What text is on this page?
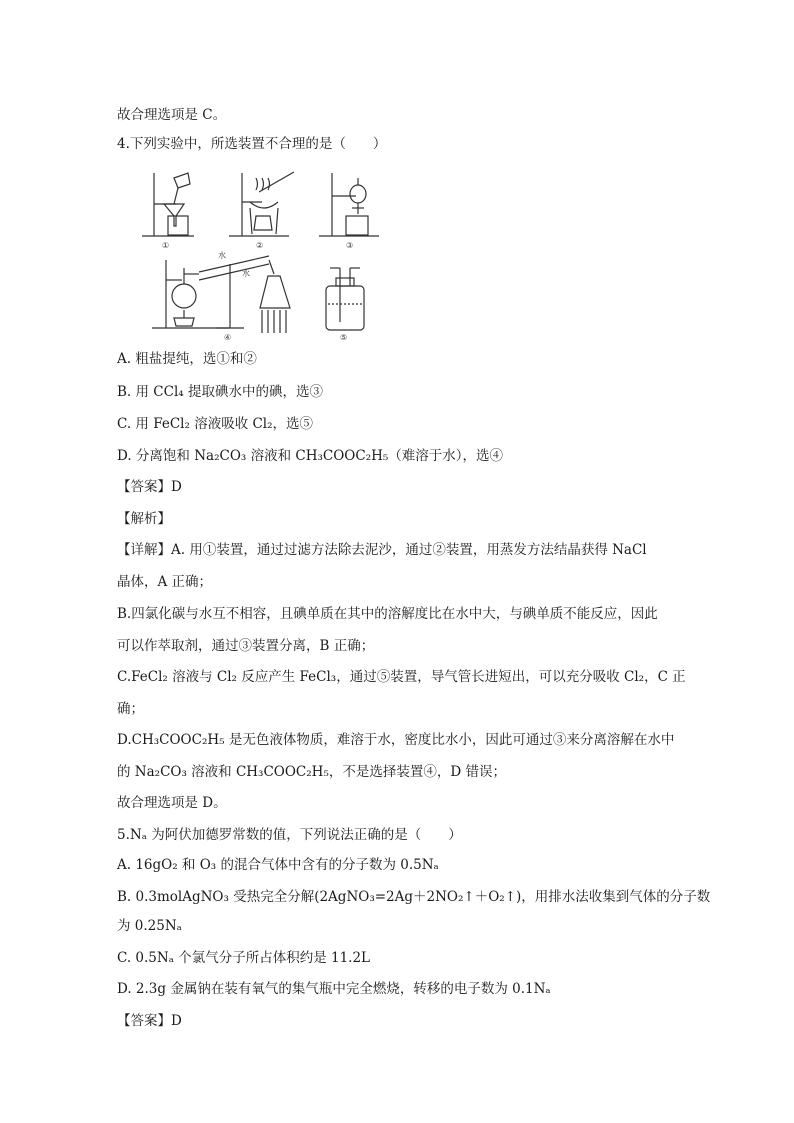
故合理选项是 C。
4.下列实验中，所选装置不合理的是（　　）
①	②	③
④	⑤
水
水
A. 粗盐提纯，选①和②
B. 用 CCl₄ 提取碘水中的碘，选③
C. 用 FeCl₂ 溶液吸收 Cl₂，选⑤
D. 分离饱和 Na₂CO₃ 溶液和 CH₃COOC₂H₅（难溶于水），选④
【答案】D
【解析】
【详解】A. 用①装置，通过过滤方法除去泥沙，通过②装置，用蒸发方法结晶获得 NaCl
晶体，A 正确；
B.四氯化碳与水互不相容，且碘单质在其中的溶解度比在水中大，与碘单质不能反应，因此
可以作萃取剂，通过③装置分离，B 正确；
C.FeCl₂ 溶液与 Cl₂ 反应产生 FeCl₃，通过⑤装置，导气管长进短出，可以充分吸收 Cl₂，C 正
确；
D.CH₃COOC₂H₅ 是无色液体物质，难溶于水，密度比水小，因此可通过③来分离溶解在水中
的 Na₂CO₃ 溶液和 CH₃COOC₂H₅，不是选择装置④，D 错误；
故合理选项是 D。
5.Nₐ 为阿伏加德罗常数的值，下列说法正确的是（　　）
A. 16gO₂ 和 O₃ 的混合气体中含有的分子数为 0.5Nₐ
B. 0.3molAgNO₃ 受热完全分解(2AgNO₃=2Ag＋2NO₂↑＋O₂↑)，用排水法收集到气体的分子数
为 0.25Nₐ
C. 0.5Nₐ 个氯气分子所占体积约是 11.2L
D. 2.3g 金属钠在装有氧气的集气瓶中完全燃烧，转移的电子数为 0.1Nₐ
【答案】D
